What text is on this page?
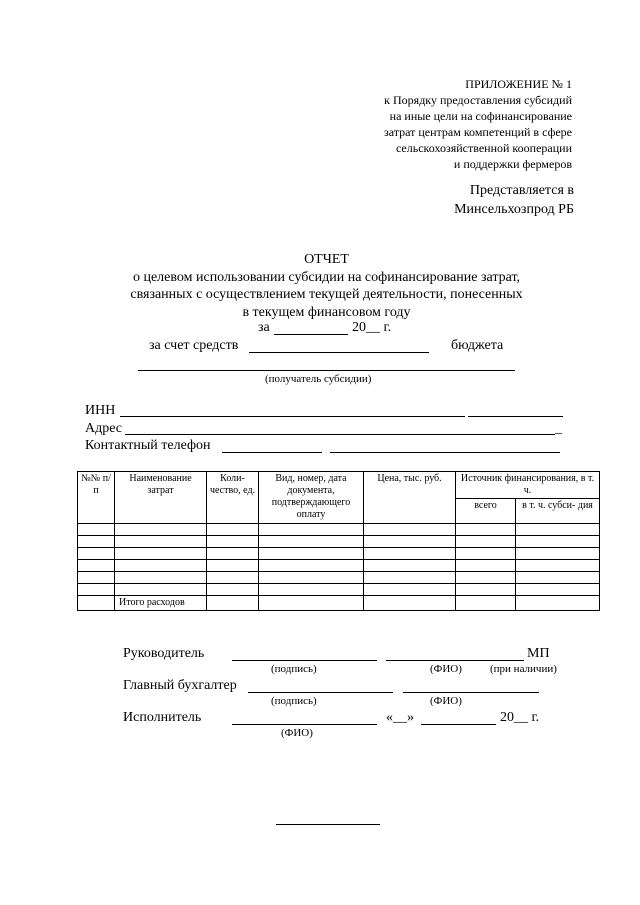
ПРИЛОЖЕНИЕ № 1
к Порядку предоставления субсидий
на иные цели на софинансирование
затрат центрам компетенций в сфере
сельскохозяйственной кооперации
и поддержки фермеров
Представляется в
Минсельхозпрод РБ
ОТЧЕТ
о целевом использовании субсидии на софинансирование затрат,
связанных с осуществлением текущей деятельности, понесенных
в текущем финансовом году
за	20__ г.
за счет средств	бюджета
(получатель субсидии)
ИНН
Адрес	_
Контактный телефон
№№ п/п	Наименование затрат	Коли- чество, ед.	Вид, номер, дата документа, подтверждающего оплату	Цена, тыс. руб.	Источник финансирования, в т. ч.	
					всего	в т. ч. субси- дия

	Итого расходов					
Руководитель	МП
(подпись)	(ФИО)	(при наличии)
Главный бухгалтер
(подпись)	(ФИО)
Исполнитель	«__»	20__ г.
(ФИО)
